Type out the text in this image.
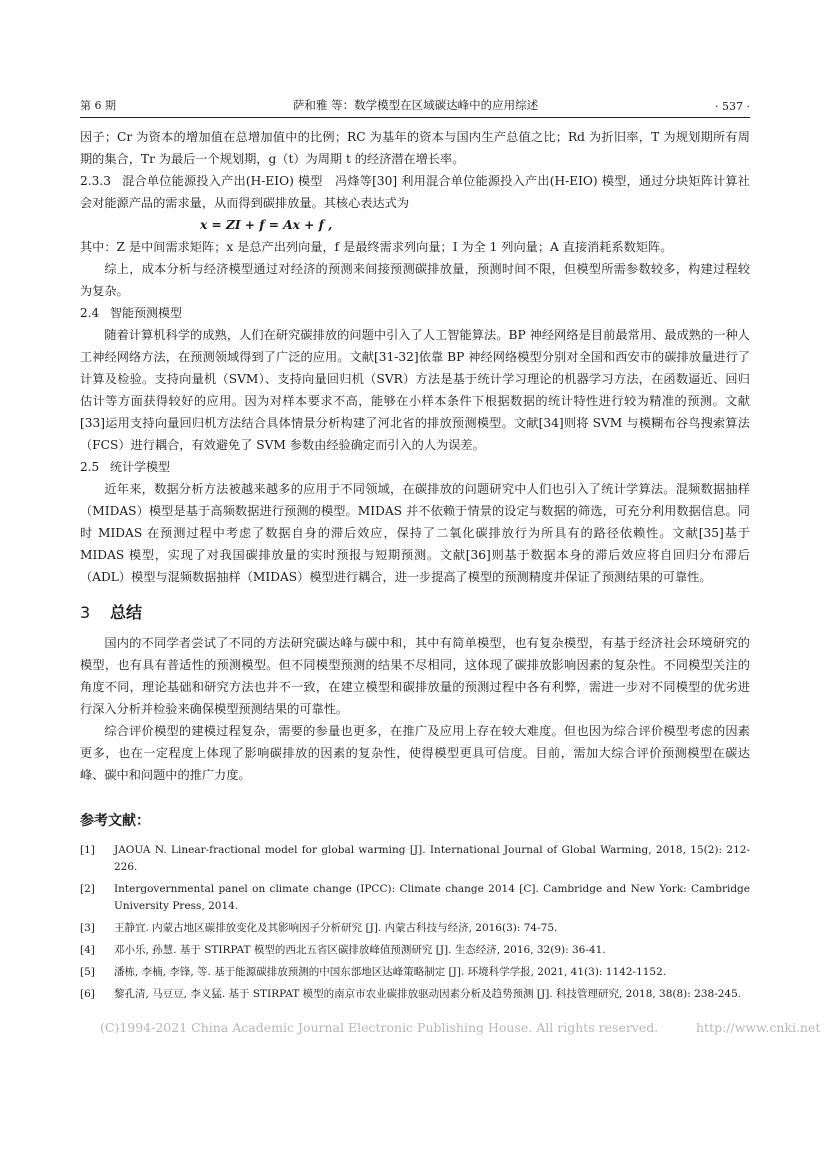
第 6 期	萨和雅 等：数学模型在区域碳达峰中的应用综述	· 537 ·

因子；Cr 为资本的增加值在总增加值中的比例；RC 为基年的资本与国内生产总值之比；Rd 为折旧率，T 为规划期所有周期的集合，Tr 为最后一个规划期，g（t）为周期 t 的经济潜在增长率。

2.3.3 混合单位能源投入产出(H-EIO) 模型　冯烽等[30] 利用混合单位能源投入产出(H-EIO) 模型，通过分块矩阵计算社会对能源产品的需求量，从而得到碳排放量。其核心表达式为

x = ZI + f = Ax + f ,

其中：Z 是中间需求矩阵；x 是总产出列向量，f 是最终需求列向量；I 为全 1 列向量；A 直接消耗系数矩阵。

综上，成本分析与经济模型通过对经济的预测来间接预测碳排放量，预测时间不限，但模型所需参数较多，构建过程较为复杂。

2.4 智能预测模型

随着计算机科学的成熟，人们在研究碳排放的问题中引入了人工智能算法。BP 神经网络是目前最常用、最成熟的一种人工神经网络方法，在预测领域得到了广泛的应用。文献[31-32]依靠 BP 神经网络模型分别对全国和西安市的碳排放量进行了计算及检验。支持向量机（SVM）、支持向量回归机（SVR）方法是基于统计学习理论的机器学习方法，在函数逼近、回归估计等方面获得较好的应用。因为对样本要求不高，能够在小样本条件下根据数据的统计特性进行较为精准的预测。文献[33]运用支持向量回归机方法结合具体情景分析构建了河北省的排放预测模型。文献[34]则将 SVM 与模糊布谷鸟搜索算法（FCS）进行耦合，有效避免了 SVM 参数由经验确定而引入的人为误差。

2.5 统计学模型

近年来，数据分析方法被越来越多的应用于不同领域，在碳排放的问题研究中人们也引入了统计学算法。混频数据抽样（MIDAS）模型是基于高频数据进行预测的模型。MIDAS 并不依赖于情景的设定与数据的筛选，可充分利用数据信息。同时 MIDAS 在预测过程中考虑了数据自身的滞后效应，保持了二氧化碳排放行为所具有的路径依赖性。文献[35]基于 MIDAS 模型，实现了对我国碳排放量的实时预报与短期预测。文献[36]则基于数据本身的滞后效应将自回归分布滞后（ADL）模型与混频数据抽样（MIDAS）模型进行耦合，进一步提高了模型的预测精度并保证了预测结果的可靠性。

3 总结

国内的不同学者尝试了不同的方法研究碳达峰与碳中和，其中有简单模型，也有复杂模型，有基于经济社会环境研究的模型，也有具有普适性的预测模型。但不同模型预测的结果不尽相同，这体现了碳排放影响因素的复杂性。不同模型关注的角度不同，理论基础和研究方法也并不一致，在建立模型和碳排放量的预测过程中各有利弊，需进一步对不同模型的优劣进行深入分析并检验来确保模型预测结果的可靠性。

综合评价模型的建模过程复杂，需要的参量也更多，在推广及应用上存在较大难度。但也因为综合评价模型考虑的因素更多，也在一定程度上体现了影响碳排放的因素的复杂性，使得模型更具可信度。目前，需加大综合评价预测模型在碳达峰、碳中和问题中的推广力度。

参考文献：
[1]	JAOUA N. Linear-fractional model for global warming [J]. International Journal of Global Warming, 2018, 15(2): 212-226.
[2]	Intergovernmental panel on climate change (IPCC): Climate change 2014 [C]. Cambridge and New York: Cambridge University Press, 2014.
[3]	王静宜. 内蒙古地区碳排放变化及其影响因子分析研究 [J]. 内蒙古科技与经济, 2016(3): 74-75.
[4]	邓小乐, 孙慧. 基于 STIRPAT 模型的西北五省区碳排放峰值预测研究 [J]. 生态经济, 2016, 32(9): 36-41.
[5]	潘栋, 李楠, 李锋, 等. 基于能源碳排放预测的中国东部地区达峰策略制定 [J]. 环境科学学报, 2021, 41(3): 1142-1152.
[6]	黎孔清, 马豆豆, 李义猛. 基于 STIRPAT 模型的南京市农业碳排放驱动因素分析及趋势预测 [J]. 科技管理研究, 2018, 38(8): 238-245.
(C)1994-2021 China Academic Journal Electronic Publishing House. All rights reserved.	http://www.cnki.net
